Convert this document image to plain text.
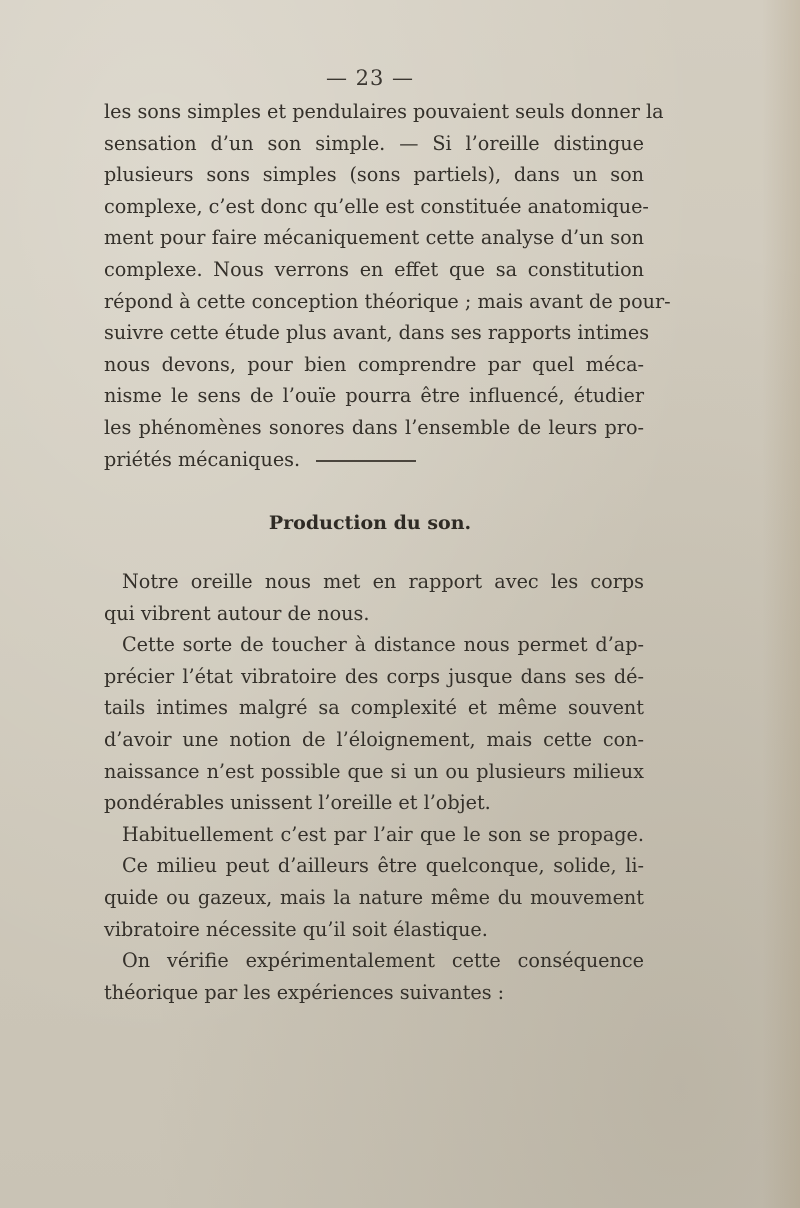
— 23 —
les sons simples et pendulaires pouvaient seuls donner la
sensation d’un son simple. — Si l’oreille distingue
plusieurs sons simples (sons partiels), dans un son
complexe, c’est donc qu’elle est constituée anatomique-
ment pour faire mécaniquement cette analyse d’un son
complexe. Nous verrons en effet que sa constitution
répond à cette conception théorique ; mais avant de pour-
suivre cette étude plus avant, dans ses rapports intimes
nous devons, pour bien comprendre par quel méca-
nisme le sens de l’ouïe pourra être influencé, étudier
les phénomènes sonores dans l’ensemble de leurs pro-
priétés mécaniques.
Production du son.
Notre oreille nous met en rapport avec les corps
qui vibrent autour de nous.
Cette sorte de toucher à distance nous permet d’ap-
précier l’état vibratoire des corps jusque dans ses dé-
tails intimes malgré sa complexité et même souvent
d’avoir une notion de l’éloignement, mais cette con-
naissance n’est possible que si un ou plusieurs milieux
pondérables unissent l’oreille et l’objet.
Habituellement c’est par l’air que le son se propage.
Ce milieu peut d’ailleurs être quelconque, solide, li-
quide ou gazeux, mais la nature même du mouvement
vibratoire nécessite qu’il soit élastique.
On vérifie expérimentalement cette conséquence
théorique par les expériences suivantes :
